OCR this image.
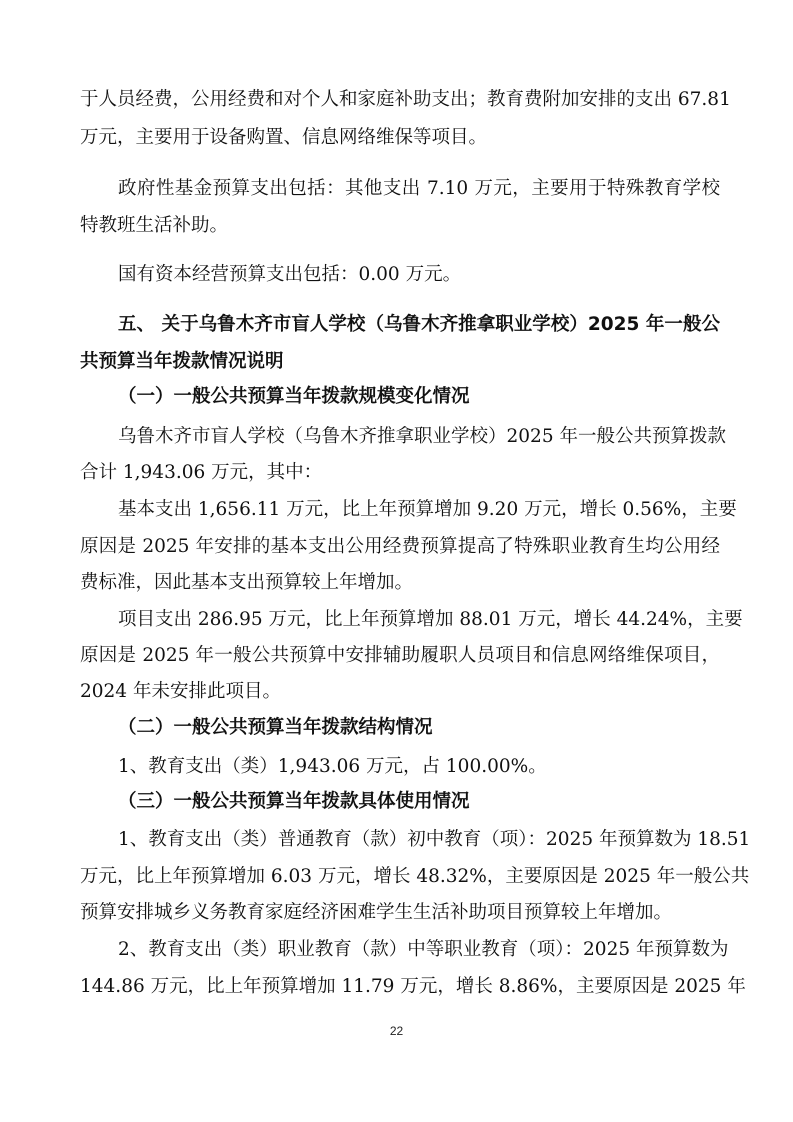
于人员经费，公用经费和对个人和家庭补助支出；教育费附加安排的支出 67.81
万元，主要用于设备购置、信息网络维保等项目。
政府性基金预算支出包括：其他支出 7.10 万元，主要用于特殊教育学校
特教班生活补助。
国有资本经营预算支出包括：0.00 万元。
五、 关于乌鲁木齐市盲人学校（乌鲁木齐推拿职业学校）2025 年一般公
共预算当年拨款情况说明
（一）一般公共预算当年拨款规模变化情况
乌鲁木齐市盲人学校（乌鲁木齐推拿职业学校）2025 年一般公共预算拨款
合计 1,943.06 万元，其中：
基本支出 1,656.11 万元，比上年预算增加 9.20 万元，增长 0.56%，主要
原因是 2025 年安排的基本支出公用经费预算提高了特殊职业教育生均公用经
费标准，因此基本支出预算较上年增加。
项目支出 286.95 万元，比上年预算增加 88.01 万元，增长 44.24%，主要
原因是 2025 年一般公共预算中安排辅助履职人员项目和信息网络维保项目，
2024 年未安排此项目。
（二）一般公共预算当年拨款结构情况
1、教育支出（类）1,943.06 万元，占 100.00%。
（三）一般公共预算当年拨款具体使用情况
1、教育支出（类）普通教育（款）初中教育（项）：2025 年预算数为 18.51
万元，比上年预算增加 6.03 万元，增长 48.32%，主要原因是 2025 年一般公共
预算安排城乡义务教育家庭经济困难学生生活补助项目预算较上年增加。
2、教育支出（类）职业教育（款）中等职业教育（项）：2025 年预算数为
144.86 万元，比上年预算增加 11.79 万元，增长 8.86%，主要原因是 2025 年
22
